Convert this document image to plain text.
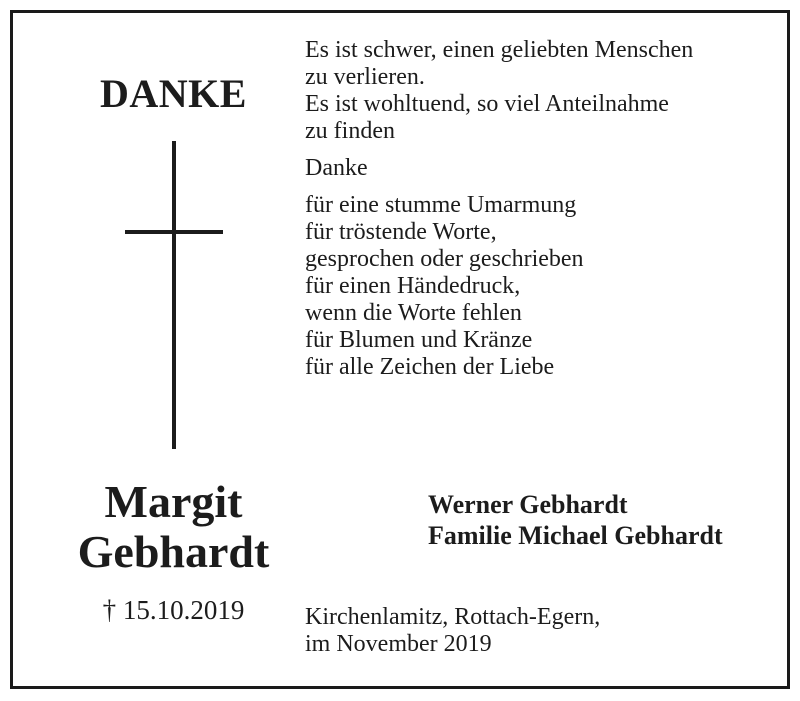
DANKE
Margit
Gebhardt
† 15.10.2019
Es ist schwer, einen geliebten Menschen
zu verlieren.
Es ist wohltuend, so viel Anteilnahme
zu finden
Danke
für eine stumme Umarmung
für tröstende Worte,
gesprochen oder geschrieben
für einen Händedruck,
wenn die Worte fehlen
für Blumen und Kränze
für alle Zeichen der Liebe
Werner Gebhardt
Familie Michael Gebhardt
Kirchenlamitz, Rottach-Egern,
im November 2019
